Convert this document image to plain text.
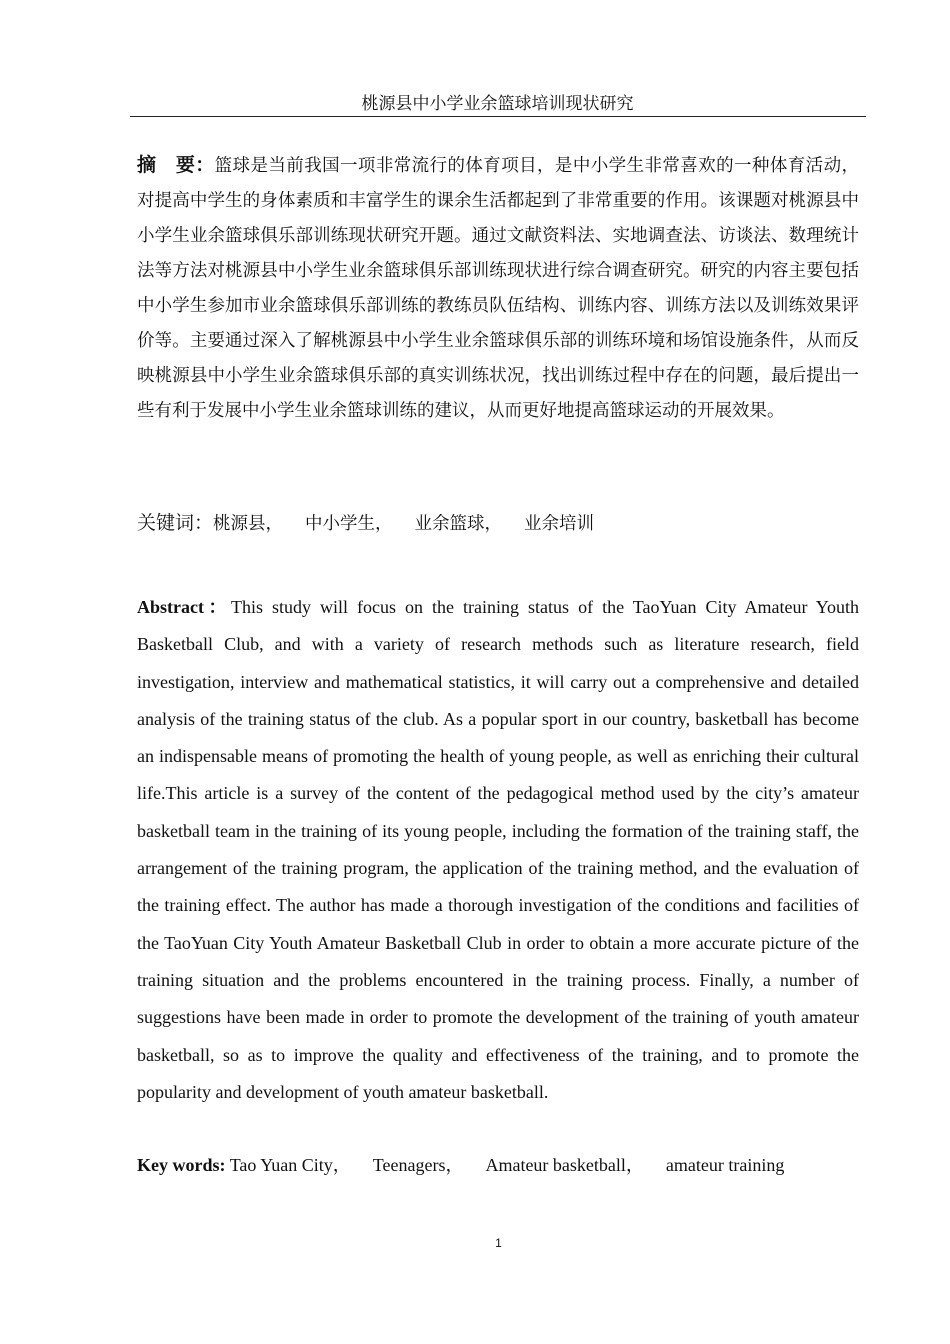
桃源县中小学业余篮球培训现状研究

摘　要：篮球是当前我国一项非常流行的体育项目，是中小学生非常喜欢的一种体育活动，对提高中学生的身体素质和丰富学生的课余生活都起到了非常重要的作用。该课题对桃源县中小学生业余篮球俱乐部训练现状研究开题。通过文献资料法、实地调查法、访谈法、数理统计法等方法对桃源县中小学生业余篮球俱乐部训练现状进行综合调查研究。研究的内容主要包括中小学生参加市业余篮球俱乐部训练的教练员队伍结构、训练内容、训练方法以及训练效果评价等。主要通过深入了解桃源县中小学生业余篮球俱乐部的训练环境和场馆设施条件，从而反映桃源县中小学生业余篮球俱乐部的真实训练状况，找出训练过程中存在的问题，最后提出一些有利于发展中小学生业余篮球训练的建议，从而更好地提高篮球运动的开展效果。

关键词：桃源县， 中小学生， 业余篮球， 业余培训

Abstract：This study will focus on the training status of the TaoYuan City Amateur Youth Basketball Club, and with a variety of research methods such as literature research, field investigation, interview and mathematical statistics, it will carry out a comprehensive and detailed analysis of the training status of the club. As a popular sport in our country, basketball has become an indispensable means of promoting the health of young people, as well as enriching their cultural life.This article is a survey of the content of the pedagogical method used by the city’s amateur basketball team in the training of its young people, including the formation of the training staff, the arrangement of the training program, the application of the training method, and the evaluation of the training effect. The author has made a thorough investigation of the conditions and facilities of the TaoYuan City Youth Amateur Basketball Club in order to obtain a more accurate picture of the training situation and the problems encountered in the training process. Finally, a number of suggestions have been made in order to promote the development of the training of youth amateur basketball, so as to improve the quality and effectiveness of the training, and to promote the popularity and development of youth amateur basketball.

Key words: Tao Yuan City， Teenagers， Amateur basketball， amateur training

1
